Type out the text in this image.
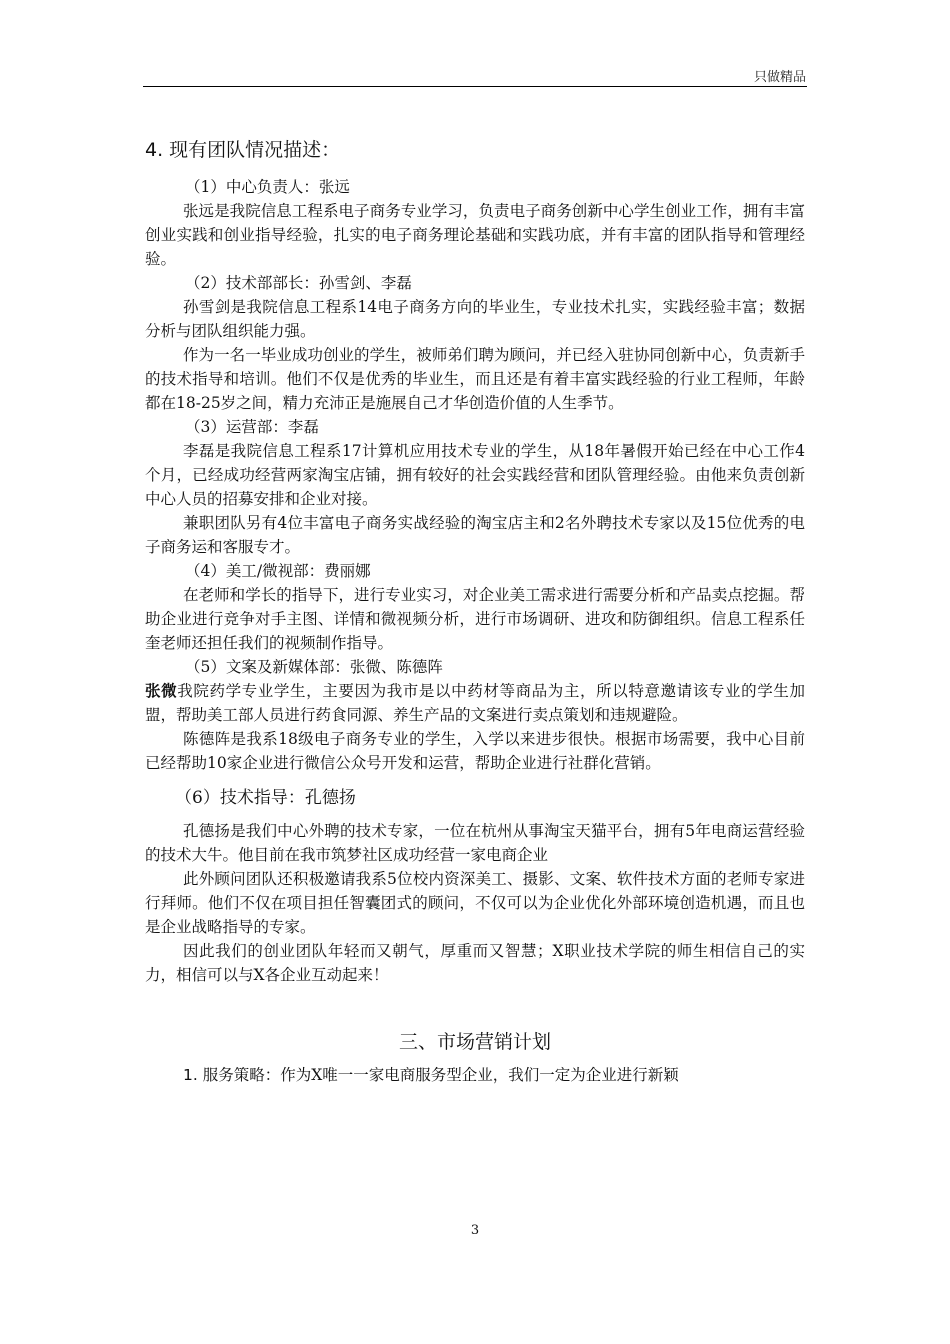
只做精品
4. 现有团队情况描述：

（1）中心负责人：张远

张远是我院信息工程系电子商务专业学习，负责电子商务创新中心学生创业工作，拥有丰富创业实践和创业指导经验，扎实的电子商务理论基础和实践功底，并有丰富的团队指导和管理经验。

（2）技术部部长：孙雪剑、李磊

孙雪剑是我院信息工程系14电子商务方向的毕业生，专业技术扎实，实践经验丰富；数据分析与团队组织能力强。

作为一名一毕业成功创业的学生，被师弟们聘为顾问，并已经入驻协同创新中心，负责新手的技术指导和培训。他们不仅是优秀的毕业生，而且还是有着丰富实践经验的行业工程师，年龄都在18-25岁之间，精力充沛正是施展自己才华创造价值的人生季节。

（3）运营部：李磊

李磊是我院信息工程系17计算机应用技术专业的学生，从18年暑假开始已经在中心工作4个月，已经成功经营两家淘宝店铺，拥有较好的社会实践经营和团队管理经验。由他来负责创新中心人员的招募安排和企业对接。

兼职团队另有4位丰富电子商务实战经验的淘宝店主和2名外聘技术专家以及15位优秀的电子商务运和客服专才。

（4）美工/微视部：费丽娜

在老师和学长的指导下，进行专业实习，对企业美工需求进行需要分析和产品卖点挖掘。帮助企业进行竞争对手主图、详情和微视频分析，进行市场调研、进攻和防御组织。信息工程系任奎老师还担任我们的视频制作指导。

（5）文案及新媒体部：张微、陈德阵

张微我院药学专业学生，主要因为我市是以中药材等商品为主，所以特意邀请该专业的学生加盟，帮助美工部人员进行药食同源、养生产品的文案进行卖点策划和违规避险。

陈德阵是我系18级电子商务专业的学生，入学以来进步很快。根据市场需要，我中心目前已经帮助10家企业进行微信公众号开发和运营，帮助企业进行社群化营销。

（6）技术指导：孔德扬

孔德扬是我们中心外聘的技术专家，一位在杭州从事淘宝天猫平台，拥有5年电商运营经验的技术大牛。他目前在我市筑梦社区成功经营一家电商企业

此外顾问团队还积极邀请我系5位校内资深美工、摄影、文案、软件技术方面的老师专家进行拜师。他们不仅在项目担任智囊团式的顾问，不仅可以为企业优化外部环境创造机遇，而且也是企业战略指导的专家。

因此我们的创业团队年轻而又朝气，厚重而又智慧；X职业技术学院的师生相信自己的实力，相信可以与X各企业互动起来！

三、市场营销计划

1. 服务策略：作为X唯一一家电商服务型企业，我们一定为企业进行新颖

3
